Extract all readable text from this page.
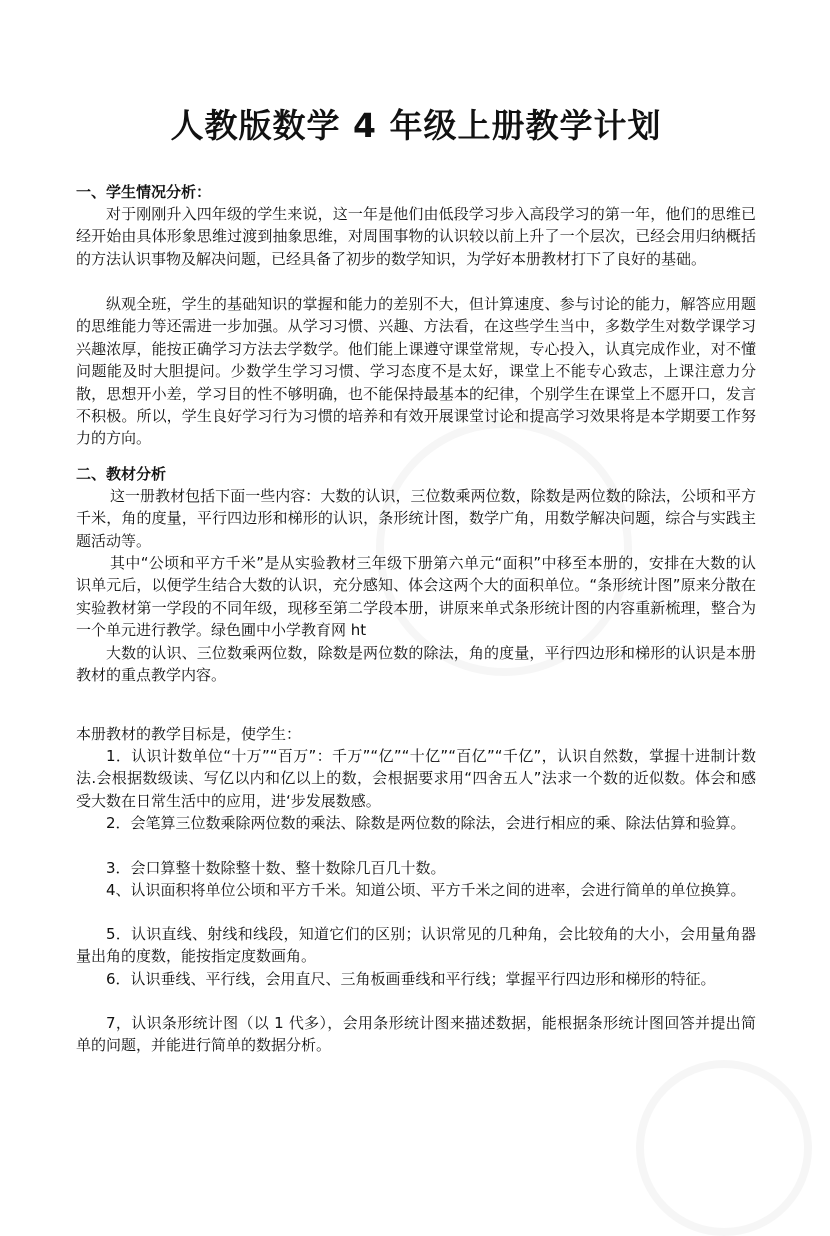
人教版数学 4 年级上册教学计划
一、学生情况分析：

对于刚刚升入四年级的学生来说，这一年是他们由低段学习步入高段学习的第一年，他们的思维已经开始由具体形象思维过渡到抽象思维，对周围事物的认识较以前上升了一个层次，已经会用归纳概括的方法认识事物及解决问题，已经具备了初步的数学知识，为学好本册教材打下了良好的基础。

纵观全班，学生的基础知识的掌握和能力的差别不大，但计算速度、参与讨论的能力，解答应用题的思维能力等还需进一步加强。从学习习惯、兴趣、方法看，在这些学生当中，多数学生对数学课学习兴趣浓厚，能按正确学习方法去学数学。他们能上课遵守课堂常规，专心投入，认真完成作业，对不懂问题能及时大胆提问。少数学生学习习惯、学习态度不是太好，课堂上不能专心致志，上课注意力分散，思想开小差，学习目的性不够明确，也不能保持最基本的纪律，个别学生在课堂上不愿开口，发言不积极。所以，学生良好学习行为习惯的培养和有效开展课堂讨论和提高学习效果将是本学期要工作努力的方向。

二、教材分析

这一册教材包括下面一些内容：大数的认识，三位数乘两位数，除数是两位数的除法，公顷和平方千米，角的度量，平行四边形和梯形的认识，条形统计图，数学广角，用数学解决问题，综合与实践主题活动等。

其中“公顷和平方千米”是从实验教材三年级下册第六单元“面积”中移至本册的，安排在大数的认识单元后，以便学生结合大数的认识，充分感知、体会这两个大的面积单位。“条形统计图”原来分散在实验教材第一学段的不同年级，现移至第二学段本册，讲原来单式条形统计图的内容重新梳理，整合为一个单元进行教学。绿色圃中小学教育网 ht

大数的认识、三位数乘两位数，除数是两位数的除法，角的度量，平行四边形和梯形的认识是本册教材的重点教学内容。

本册教材的教学目标是，使学生：

1．认识计数单位“十万”“百万”：千万”“亿”“十亿”“百亿”“千亿”，认识自然数，掌握十进制计数法.会根据数级读、写亿以内和亿以上的数，会根据要求用“四舍五人”法求一个数的近似数。体会和感受大数在日常生活中的应用，进‘步发展数感。

2．会笔算三位数乘除两位数的乘法、除数是两位数的除法，会进行相应的乘、除法估算和验算。

3．会口算整十数除整十数、整十数除几百几十数。

4、认识面积将单位公顷和平方千米。知道公顷、平方千米之间的进率，会进行简单的单位换算。

5．认识直线、射线和线段，知道它们的区别；认识常见的几种角，会比较角的大小，会用量角器量出角的度数，能按指定度数画角。

6．认识垂线、平行线，会用直尺、三角板画垂线和平行线；掌握平行四边形和梯形的特征。

7，认识条形统计图（以 1 代多），会用条形统计图来描述数据，能根据条形统计图回答并提出简单的问题，并能进行简单的数据分析。
